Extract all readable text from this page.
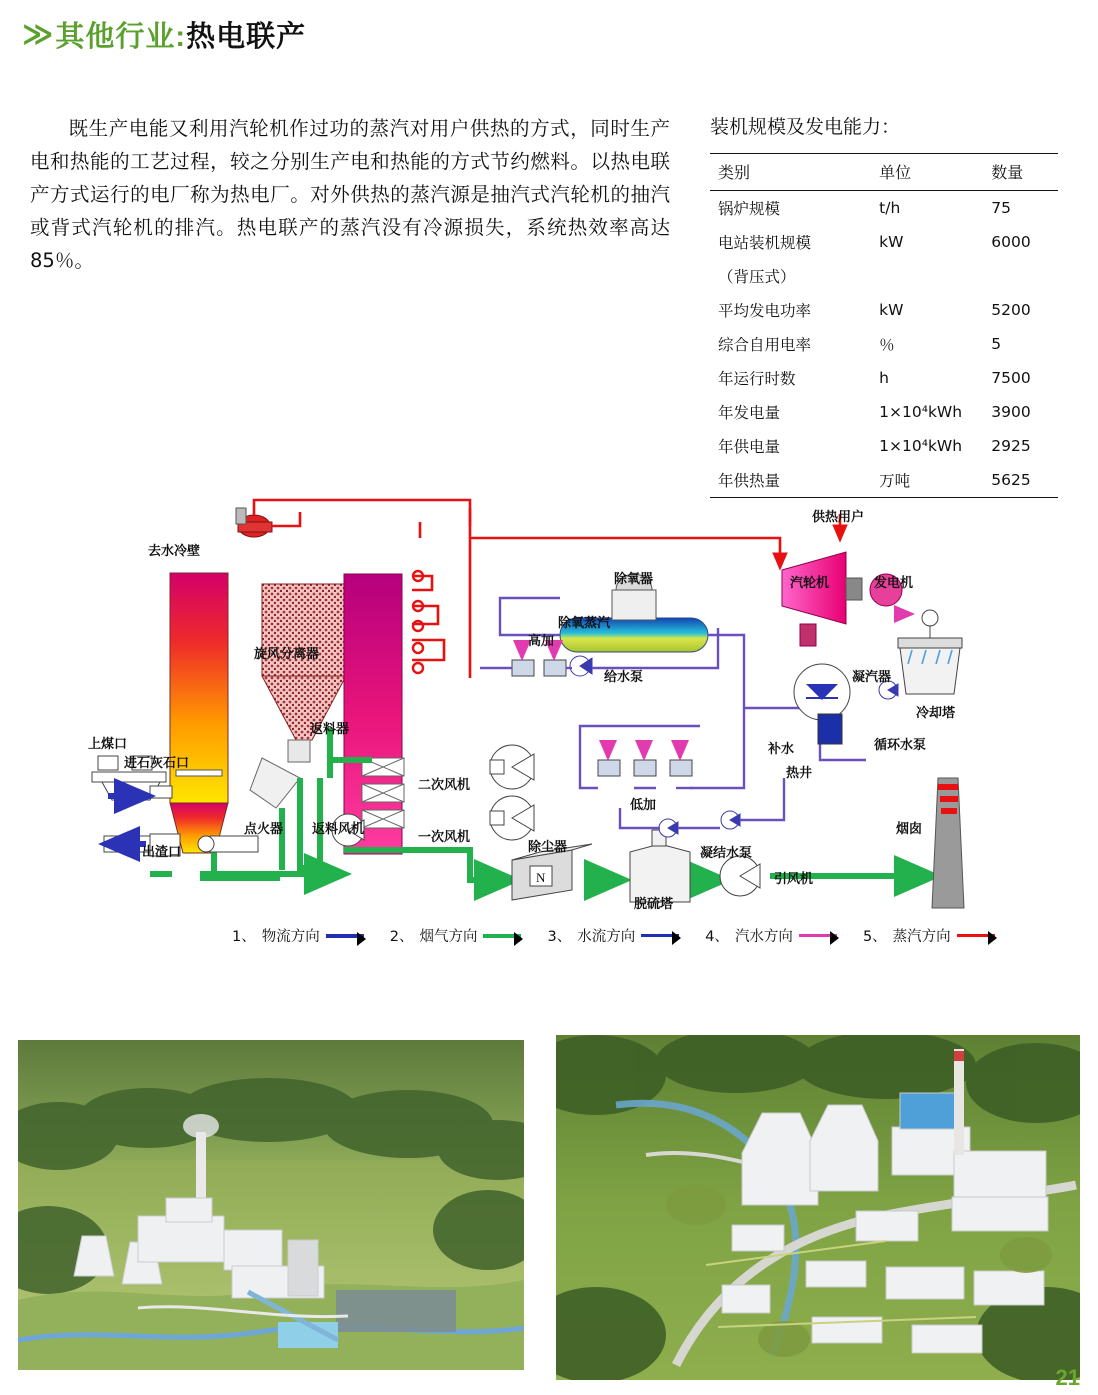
≫ 其他行业:热电联产
既生产电能又利用汽轮机作过功的蒸汽对用户供热的方式，同时生产电和热能的工艺过程，较之分别生产电和热能的方式节约燃料。以热电联产方式运行的电厂称为热电厂。对外供热的蒸汽源是抽汽式汽轮机的抽汽或背式汽轮机的排汽。热电联产的蒸汽没有冷源损失，系统热效率高达 85％。
装机规模及发电能力：
类别	单位	数量
锅炉规模	t/h	75
电站装机规模	kW	6000
（背压式）		
平均发电功率	kW	5200
综合自用电率	％	5
年运行时数	h	7500
年发电量	1×10⁴kWh	3900
年供电量	1×10⁴kWh	2925
年供热量	万吨	5625
N
去水冷壁
旋风分离器
返料器
上煤口
进石灰石口
出渣口
点火器 返料风机
二次风机
一次风机
除氧器
除氧蒸汽
高加
给水泵
低加
汽轮机	发电机
供热用户
凝汽器
冷却塔
补水
热井
循环水泵
凝结水泵
除尘器
脱硫塔
引风机
烟囱
1、 物流方向	2、 烟气方向	3、 水流方向	4、 汽水方向	5、 蒸汽方向
21
